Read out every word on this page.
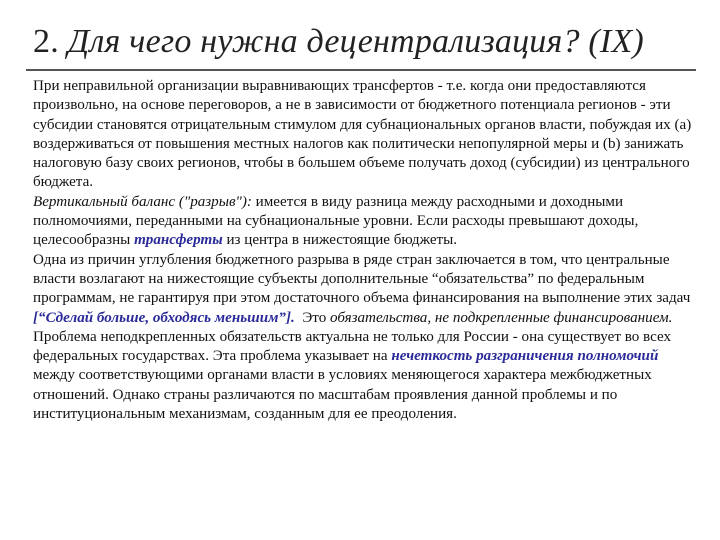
2. Для чего нужна децентрализация? (IX)

При неправильной организации выравнивающих трансфертов - т.е. когда они предоставляются произвольно, на основе переговоров, а не в зависимости от бюджетного потенциала регионов - эти субсидии становятся отрицательным стимулом для субнациональных органов власти, побуждая их (а) воздерживаться от повышения местных налогов как политически непопулярной меры и (b) занижать налоговую базу своих регионов, чтобы в большем объеме получать доход (субсидии) из центрального бюджета.

Вертикальный баланс ("разрыв"): имеется в виду разница между расходными и доходными полномочиями, переданными на субнациональные уровни. Если расходы превышают доходы, целесообразны трансферты из центра в нижестоящие бюджеты.

Одна из причин углубления бюджетного разрыва в ряде стран заключается в том, что центральные власти возлагают на нижестоящие субъекты дополнительные “обязательства” по федеральным программам, не гарантируя при этом достаточного объема финансирования на выполнение этих задач [“Сделай больше, обходясь меньшим”].  Это обязательства, не подкрепленные финансированием.

Проблема неподкрепленных обязательств актуальна не только для России - она существует во всех федеральных государствах. Эта проблема указывает на нечеткость разграничения полномочий между соответствующими органами власти в условиях меняющегося характера межбюджетных отношений. Однако страны различаются по масштабам проявления данной проблемы и по институциональным механизмам, созданным для ее преодоления.
